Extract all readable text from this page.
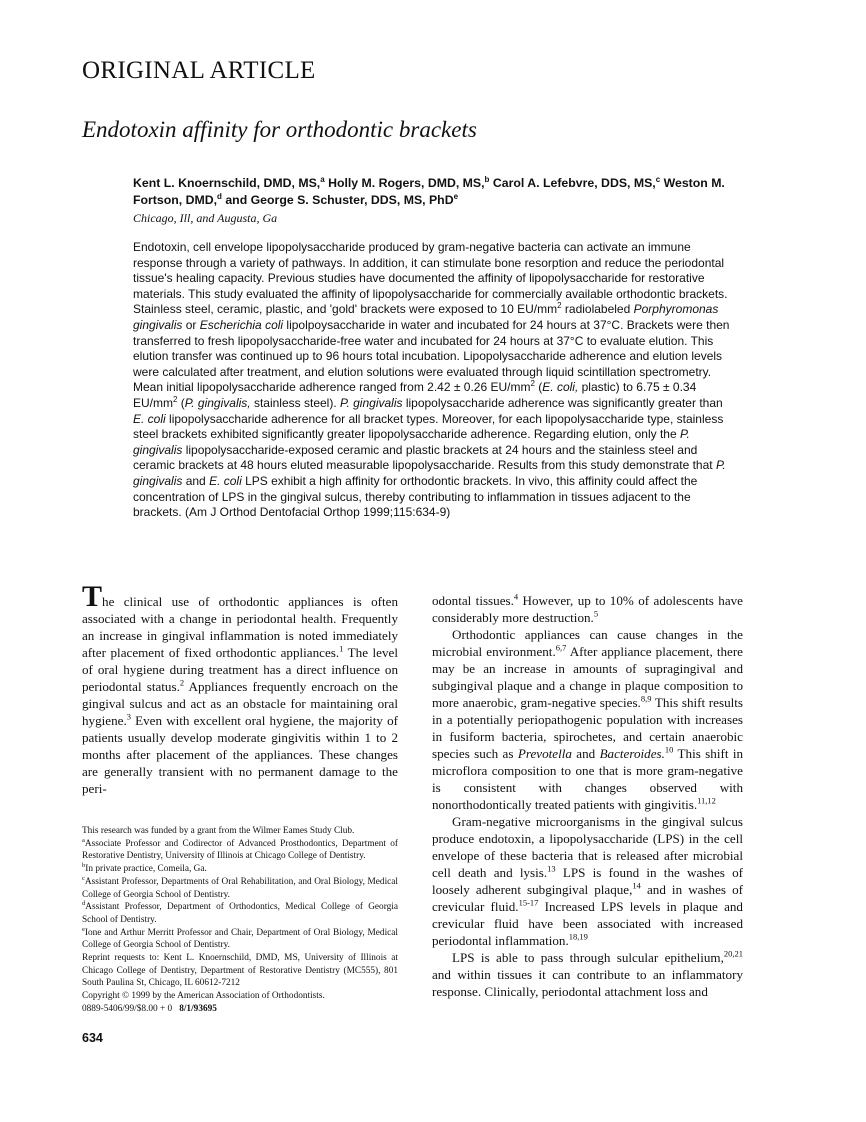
ORIGINAL ARTICLE
Endotoxin affinity for orthodontic brackets
Kent L. Knoernschild, DMD, MS,$^a$ Holly M. Rogers, DMD, MS,$^b$ Carol A. Lefebvre, DDS, MS,$^c$ Weston M. Fortson, DMD,$^d$ and George S. Schuster, DDS, MS, PhD$^e$
Chicago, Ill, and Augusta, Ga
Endotoxin, cell envelope lipopolysaccharide produced by gram-negative bacteria can activate an immune response through a variety of pathways. In addition, it can stimulate bone resorption and reduce the periodontal tissue's healing capacity. Previous studies have documented the affinity of lipopolysaccharide for restorative materials. This study evaluated the affinity of lipopolysaccharide for commercially available orthodontic brackets. Stainless steel, ceramic, plastic, and 'gold' brackets were exposed to 10 $EU/mm^2$ radiolabeled Porphyromonas gingivalis or Escherichia coli lipolpoysaccharide in water and incubated for 24 hours at 37°C. Brackets were then transferred to fresh lipopolysaccharide-free water and incubated for 24 hours at 37°C to evaluate elution. This elution transfer was continued up to 96 hours total incubation. Lipopolysaccharide adherence and elution levels were calculated after treatment, and elution solutions were evaluated through liquid scintillation spectrometry. Mean initial lipopolysaccharide adherence ranged from 2.42 ± 0.26 $EU/mm^2$ (E. coli, plastic) to 6.75 ± 0.34 $EU/mm^2$ (P. gingivalis, stainless steel). P. gingivalis lipopolysaccharide adherence was significantly greater than E. coli lipopolysaccharide adherence for all bracket types. Moreover, for each lipopolysaccharide type, stainless steel brackets exhibited significantly greater lipopolysaccharide adherence. Regarding elution, only the P. gingivalis lipopolysaccharide-exposed ceramic and plastic brackets at 24 hours and the stainless steel and ceramic brackets at 48 hours eluted measurable lipopolysaccharide. Results from this study demonstrate that P. gingivalis and E. coli LPS exhibit a high affinity for orthodontic brackets. In vivo, this affinity could affect the concentration of LPS in the gingival sulcus, thereby contributing to inflammation in tissues adjacent to the brackets. (Am J Orthod Dentofacial Orthop 1999;115:634-9)

The clinical use of orthodontic appliances is often associated with a change in periodontal health. Frequently an increase in gingival inflammation is noted immediately after placement of fixed orthodontic appliances.$^1$ The level of oral hygiene during treatment has a direct influence on periodontal status.$^2$ Appliances frequently encroach on the gingival sulcus and act as an obstacle for maintaining oral hygiene.$^3$ Even with excellent oral hygiene, the majority of patients usually develop moderate gingivitis within 1 to 2 months after placement of the appliances. These changes are generally transient with no permanent damage to the peri-

odontal tissues.$^4$ However, up to 10% of adolescents have considerably more destruction.$^5$

Orthodontic appliances can cause changes in the microbial environment.$^{6,7}$ After appliance placement, there may be an increase in amounts of supragingival and subgingival plaque and a change in plaque composition to more anaerobic, gram-negative species.$^{8,9}$ This shift results in a potentially periopathogenic population with increases in fusiform bacteria, spirochetes, and certain anaerobic species such as Prevotella and Bacteroides.$^{10}$ This shift in microflora composition to one that is more gram-negative is consistent with changes observed with nonorthodontically treated patients with gingivitis.$^{11,12}$

Gram-negative microorganisms in the gingival sulcus produce endotoxin, a lipopolysaccharide (LPS) in the cell envelope of these bacteria that is released after microbial cell death and lysis.$^{13}$ LPS is found in the washes of loosely adherent subgingival plaque,$^{14}$ and in washes of crevicular fluid.$^{15-17}$ Increased LPS levels in plaque and crevicular fluid have been associated with increased periodontal inflammation.$^{18,19}$

LPS is able to pass through sulcular epithelium,$^{20,21}$ and within tissues it can contribute to an inflammatory response. Clinically, periodontal attachment loss and

This research was funded by a grant from the Wilmer Eames Study Club.
$^a$Associate Professor and Codirector of Advanced Prosthodontics, Department of Restorative Dentistry, University of Illinois at Chicago College of Dentistry.
$^b$In private practice, Comeila, Ga.
$^c$Assistant Professor, Departments of Oral Rehabilitation, and Oral Biology, Medical College of Georgia School of Dentistry.
$^d$Assistant Professor, Department of Orthodontics, Medical College of Georgia School of Dentistry.
$^e$Ione and Arthur Merritt Professor and Chair, Department of Oral Biology, Medical College of Georgia School of Dentistry.
Reprint requests to: Kent L. Knoernschild, DMD, MS, University of Illinois at Chicago College of Dentistry, Department of Restorative Dentistry (MC555), 801 South Paulina St, Chicago, IL 60612-7212
Copyright © 1999 by the American Association of Orthodontists.
0889-5406/99/$8.00 + 0 8/1/93695
634
